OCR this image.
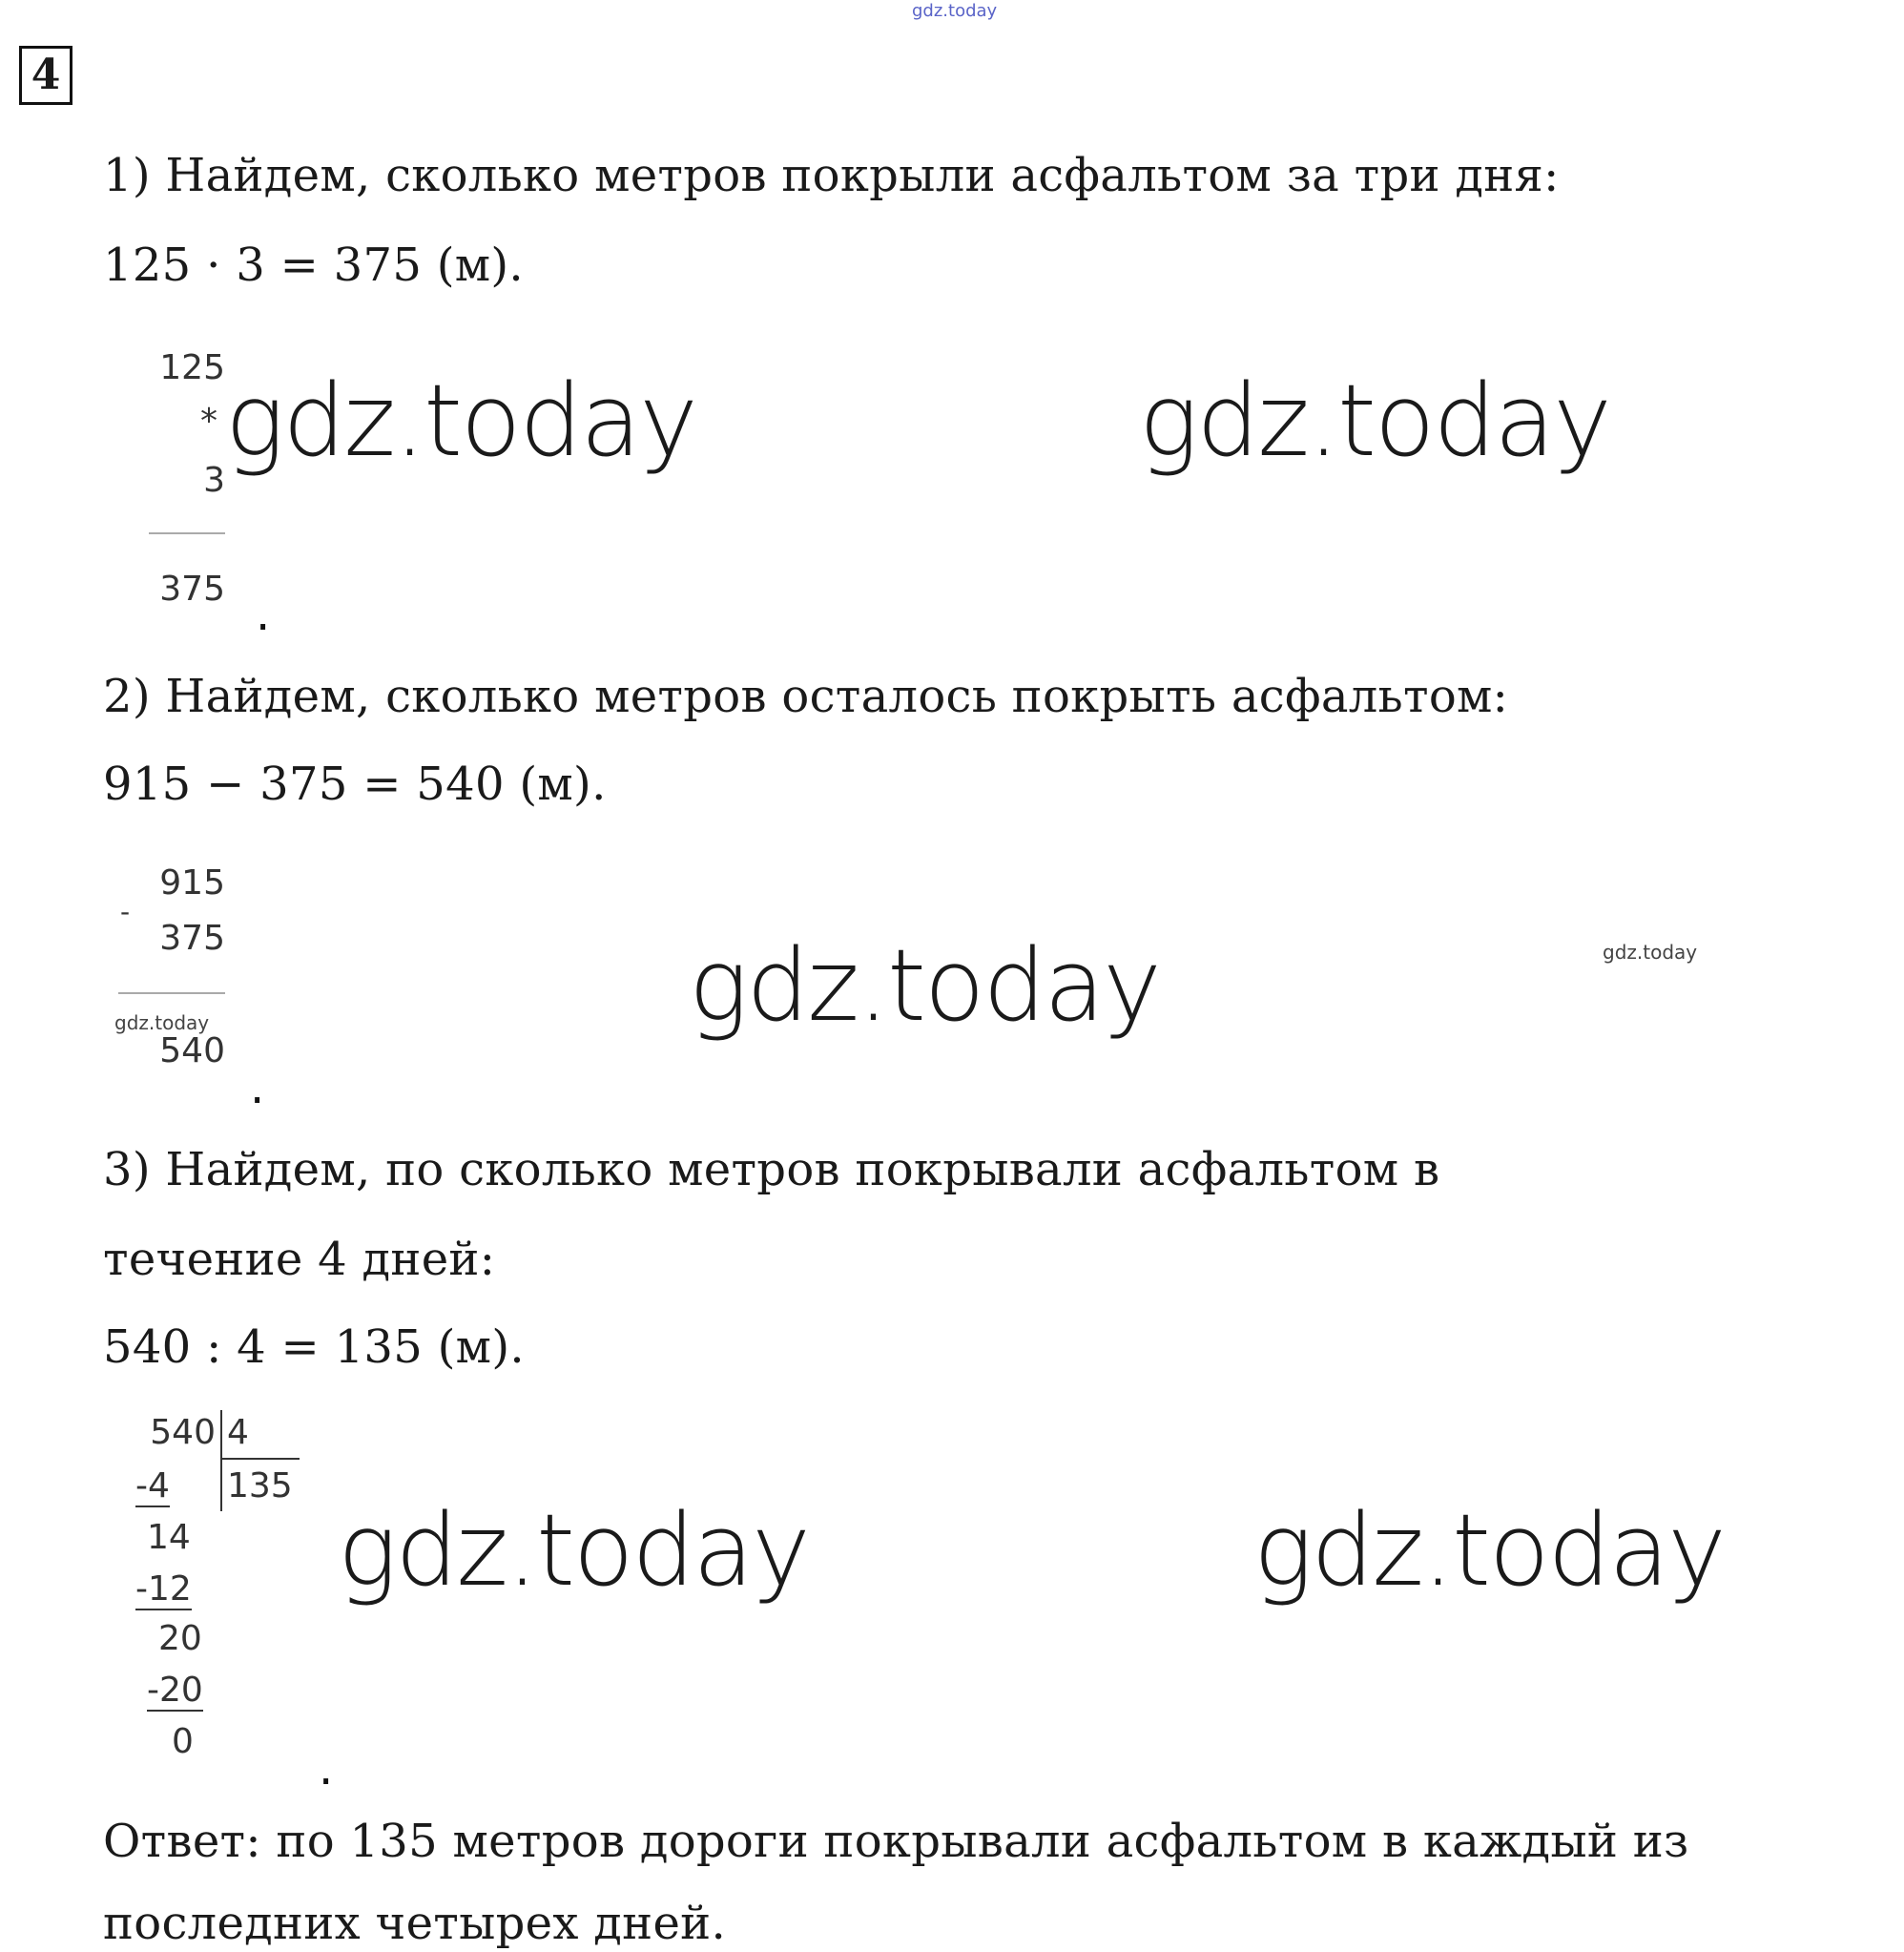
gdz.today
4
1) Найдем, сколько метров покрыли асфальтом за три дня:
125 · 3 = 375 (м).
125
*
3
375 .
gdz.today	gdz.today
2) Найдем, сколько метров осталось покрыть асфальтом:
915 − 375 = 540 (м).
-
915
375
gdz.today
540
.
gdz.today	gdz.today
3) Найдем, по сколько метров покрывали асфальтом в
течение 4 дней:
540 : 4 = 135 (м).
540 4
135
-4
14
-12
20
-20
0
.
gdz.today	gdz.today
Ответ: по 135 метров дороги покрывали асфальтом в каждый из
последних четырех дней.
